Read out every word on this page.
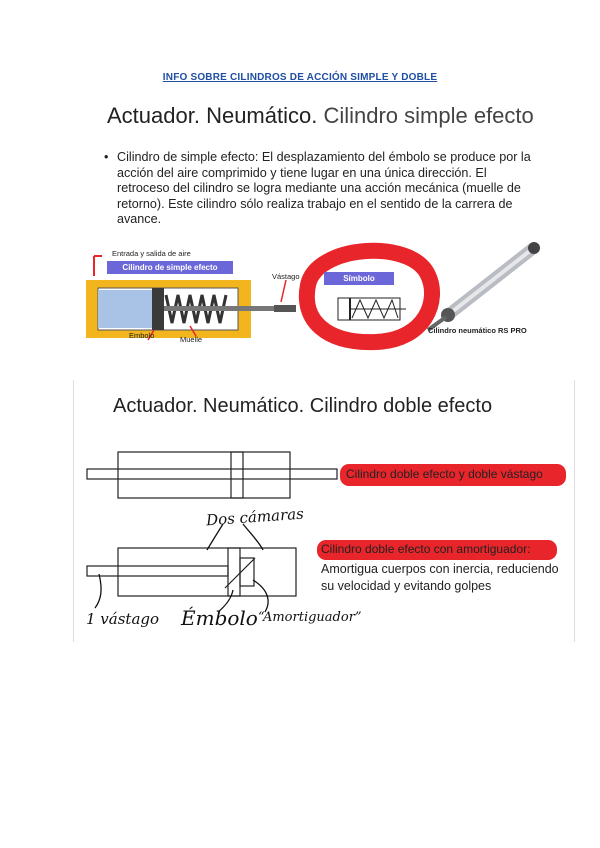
INFO SOBRE CILINDROS DE ACCIÓN SIMPLE Y DOBLE
Actuador. Neumático. Cilindro simple efecto
• Cilindro de simple efecto: El desplazamiento del émbolo se produce por la acción del aire comprimido y tiene lugar en una única dirección. El retroceso del cilindro se logra mediante una acción mecánica (muelle de retorno). Este cilindro sólo realiza trabajo en el sentido de la carrera de avance.
Entrada y salida de aire
Cilindro de simple efecto
Vástago	Símbolo
Embolo	Muelle
Cilindro neumático RS PRO
Actuador. Neumático. Cilindro doble efecto
Cilindro doble efecto y doble vástago
Cilindro doble efecto con amortiguador:
Amortigua cuerpos con inercia, reduciendo su velocidad y evitando golpes
Dos cámaras
1 vástago Émbolo “Amortiguador”
